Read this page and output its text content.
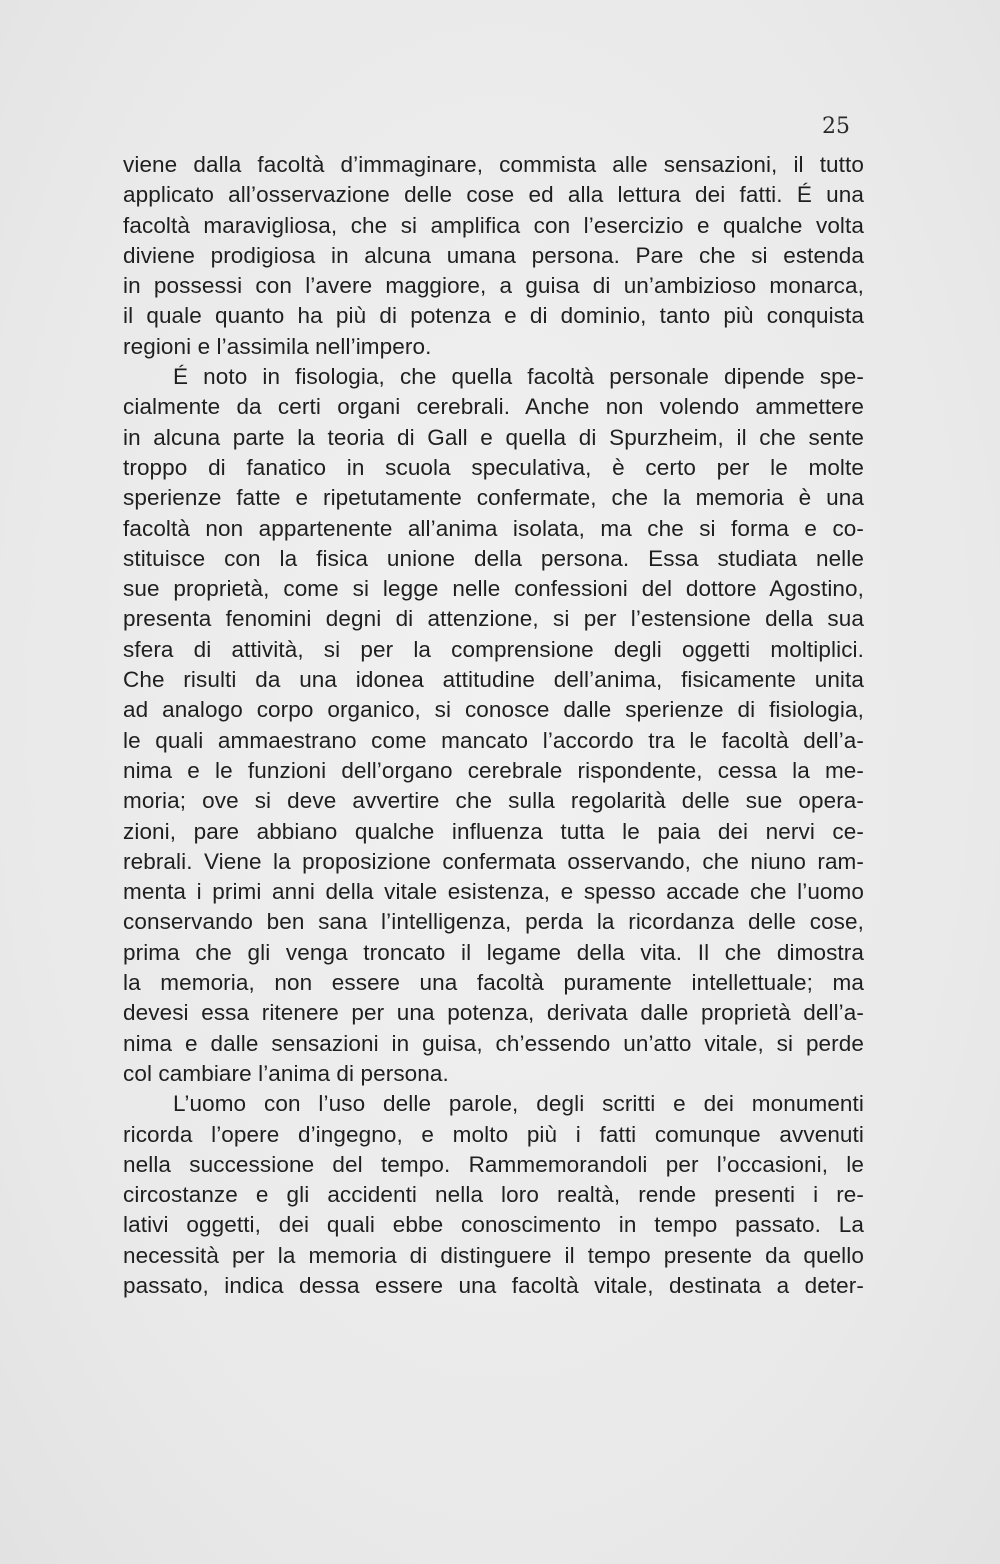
25
viene dalla facoltà d’immaginare, commista alle sensazioni, il tutto
applicato all’osservazione delle cose ed alla lettura dei fatti. É una
facoltà maravigliosa, che si amplifica con l’esercizio e qualche volta
diviene prodigiosa in alcuna umana persona. Pare che si estenda
in possessi con l’avere maggiore, a guisa di un’ambizioso monarca,
il quale quanto ha più di potenza e di dominio, tanto più conquista
regioni e l’assimila nell’impero.
É noto in fisologia, che quella facoltà personale dipende spe-
cialmente da certi organi cerebrali. Anche non volendo ammettere
in alcuna parte la teoria di Gall e quella di Spurzheim, il che sente
troppo di fanatico in scuola speculativa, è certo per le molte
sperienze fatte e ripetutamente confermate, che la memoria è una
facoltà non appartenente all’anima isolata, ma che si forma e co-
stituisce con la fisica unione della persona. Essa studiata nelle
sue proprietà, come si legge nelle confessioni del dottore Agostino,
presenta fenomini degni di attenzione, si per l’estensione della sua
sfera di attività, si per la comprensione degli oggetti moltiplici.
Che risulti da una idonea attitudine dell’anima, fisicamente unita
ad analogo corpo organico, si conosce dalle sperienze di fisiologia,
le quali ammaestrano come mancato l’accordo tra le facoltà dell’a-
nima e le funzioni dell’organo cerebrale rispondente, cessa la me-
moria; ove si deve avvertire che sulla regolarità delle sue opera-
zioni, pare abbiano qualche influenza tutta le paia dei nervi ce-
rebrali. Viene la proposizione confermata osservando, che niuno ram-
menta i primi anni della vitale esistenza, e spesso accade che l’uomo
conservando ben sana l’intelligenza, perda la ricordanza delle cose,
prima che gli venga troncato il legame della vita. Il che dimostra
la memoria, non essere una facoltà puramente intellettuale; ma
devesi essa ritenere per una potenza, derivata dalle proprietà dell’a-
nima e dalle sensazioni in guisa, ch’essendo un’atto vitale, si perde
col cambiare l’anima di persona.
L’uomo con l’uso delle parole, degli scritti e dei monumenti
ricorda l’opere d’ingegno, e molto più i fatti comunque avvenuti
nella successione del tempo. Rammemorandoli per l’occasioni, le
circostanze e gli accidenti nella loro realtà, rende presenti i re-
lativi oggetti, dei quali ebbe conoscimento in tempo passato. La
necessità per la memoria di distinguere il tempo presente da quello
passato, indica dessa essere una facoltà vitale, destinata a deter-
